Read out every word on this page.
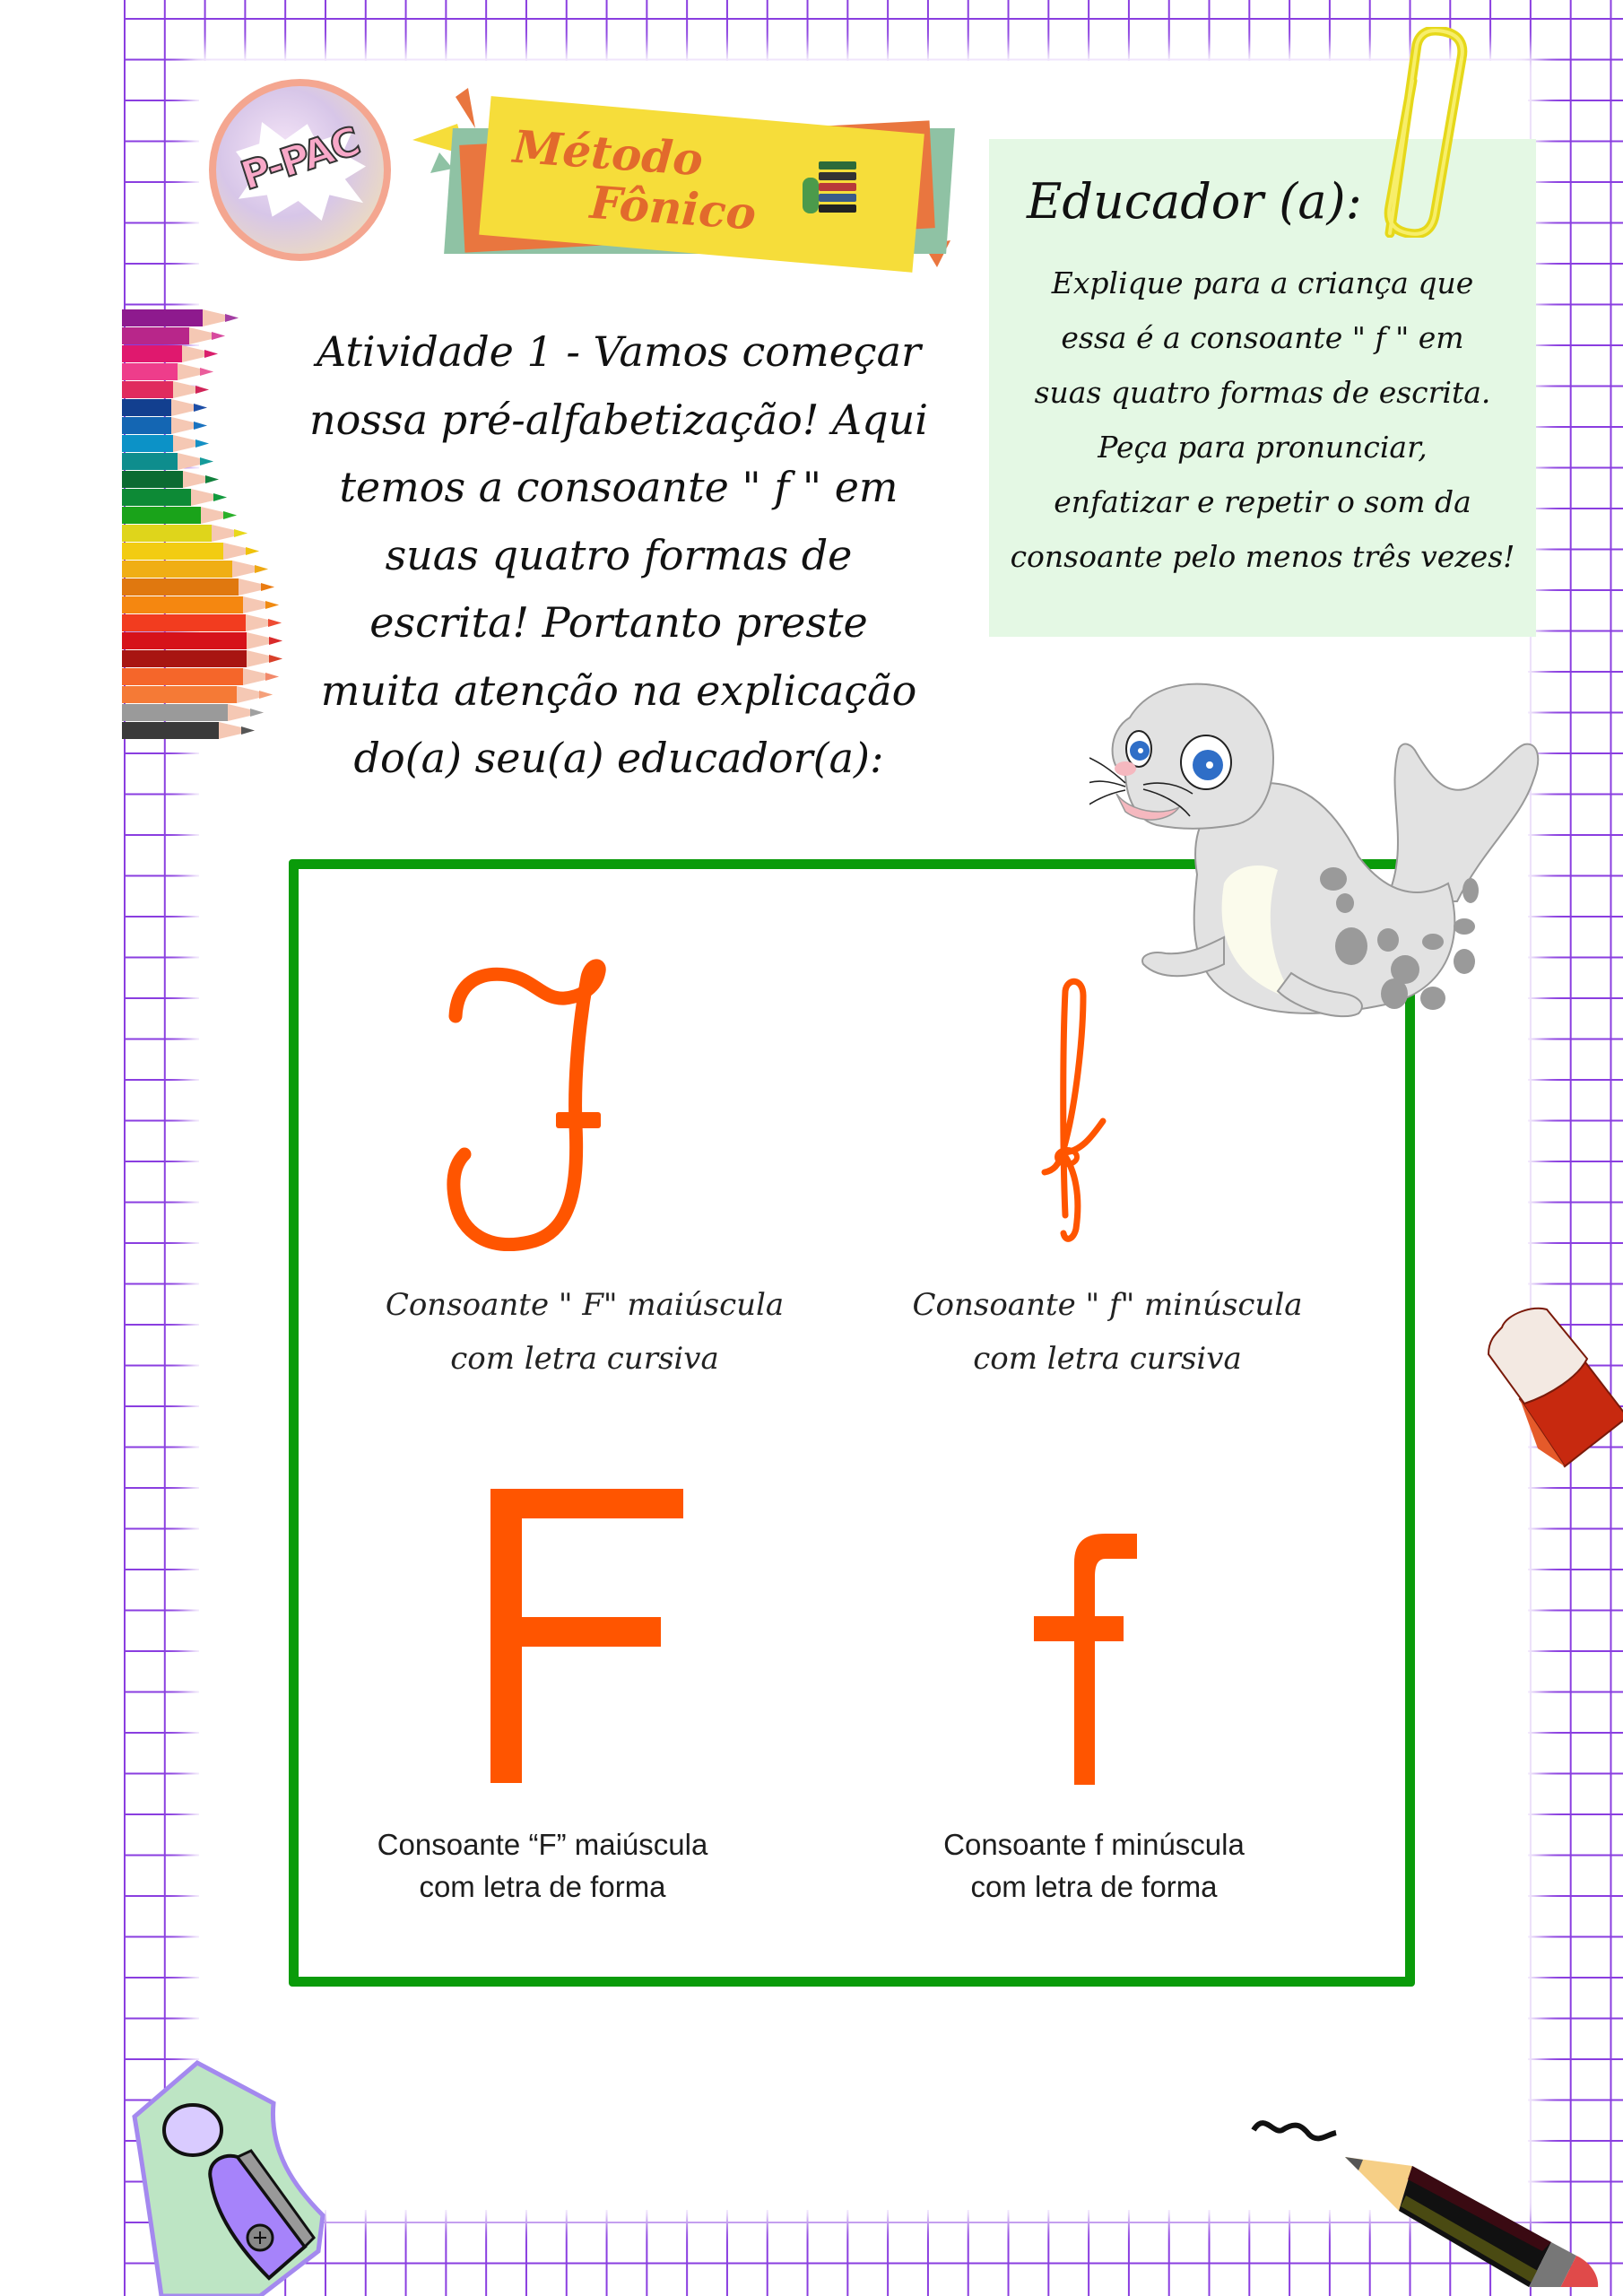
P-PAC	Método
Fônico	Educador (a):
Explique para a criança que
essa é a consoante " f " em
suas quatro formas de escrita.
Peça para pronunciar,
enfatizar e repetir o som da
consoante pelo menos três vezes!
Atividade 1 - Vamos começar
nossa pré-alfabetização! Aqui
temos a consoante " f " em
suas quatro formas de
escrita! Portanto preste
muita atenção na explicação
do(a) seu(a) educador(a):
Consoante " F" maiúscula
com letra cursiva
Consoante " f" minúscula
com letra cursiva
Consoante “F” maiúscula
com letra de forma
Consoante f minúscula
com letra de forma
